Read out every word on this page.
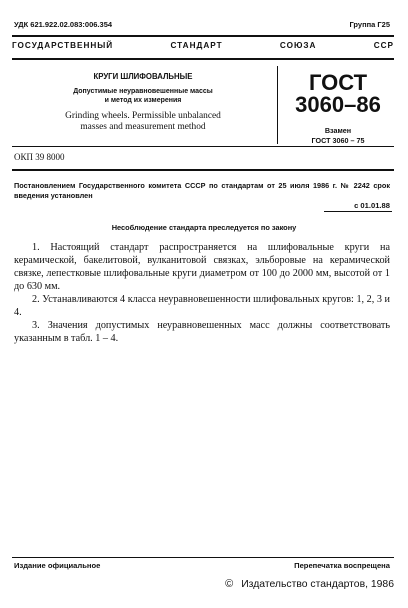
УДК 621.922.02.083:006.354	Группа Г25
ГОСУДАРСТВЕННЫЙ СТАНДАРТ СОЮЗА ССР
КРУГИ ШЛИФОВАЛЬНЫЕ
Допустимые неуравновешенные массы
и метод их измерения
Grinding wheels. Permissible unbalanced
masses and measurement method
ГОСТ
3060–86
Взамен
ГОСТ 3060 – 75
ОКП 39 8000
Постановлением Государственного комитета СССР по стандартам от 25 июля 1986 г. № 2242 срок введения установлен
с 01.01.88
Несоблюдение стандарта преследуется по закону

1. Настоящий стандарт распространяется на шлифовальные круги на керамической, бакелитовой, вулканитовой связках, эльборовые на керамической связке, лепестковые шлифовальные круги диаметром от 100 до 2000 мм, высотой от 1 до 630 мм.

2. Устанавливаются 4 класса неуравновешенности шлифовальных кругов: 1, 2, 3 и 4.

3. Значения допустимых неуравновешенных масс должны соответствовать указанным в табл. 1 – 4.

Издание официальное	Перепечатка воспрещена
© Издательство стандартов, 1986
